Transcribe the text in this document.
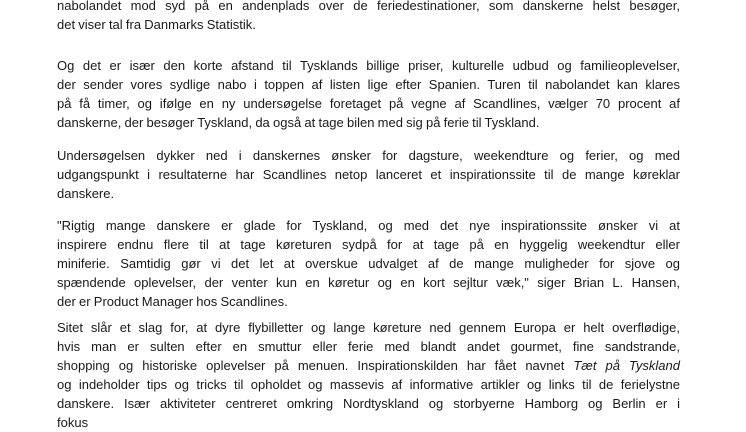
nabolandet mod syd på en andenplads over de feriedestinationer, som danskerne helst besøger,
det viser tal fra Danmarks Statistik.
Og det er især den korte afstand til Tysklands billige priser, kulturelle udbud og familieoplevelser,
der sender vores sydlige nabo i toppen af listen lige efter Spanien. Turen til nabolandet kan klares
på få timer, og ifølge en ny undersøgelse foretaget på vegne af Scandlines, vælger 70 procent af
danskerne, der besøger Tyskland, da også at tage bilen med sig på ferie til Tyskland.
Undersøgelsen dykker ned i danskernes ønsker for dagsture, weekendture og ferier, og med
udgangspunkt i resultaterne har Scandlines netop lanceret et inspirationssite til de mange køreklar
danskere.
"Rigtig mange danskere er glade for Tyskland, og med det nye inspirationssite ønsker vi at
inspirere endnu flere til at tage køreturen sydpå for at tage på en hyggelig weekendtur eller
miniferie. Samtidig gør vi det let at overskue udvalget af de mange muligheder for sjove og
spændende oplevelser, der venter kun en køretur og en kort sejltur væk," siger Brian L. Hansen,
der er Product Manager hos Scandlines.
Sitet slår et slag for, at dyre flybilletter og lange køreture ned gennem Europa er helt overflødige,
hvis man er sulten efter en smuttur eller ferie med blandt andet gourmet, fine sandstrande,
shopping og historiske oplevelser på menuen. Inspirationskilden har fået navnet Tæt på Tyskland
og indeholder tips og tricks til opholdet og massevis af informative artikler og links til de ferielystne
danskere. Især aktiviteter centreret omkring Nordtyskland og storbyerne Hamborg og Berlin er i
fokus
